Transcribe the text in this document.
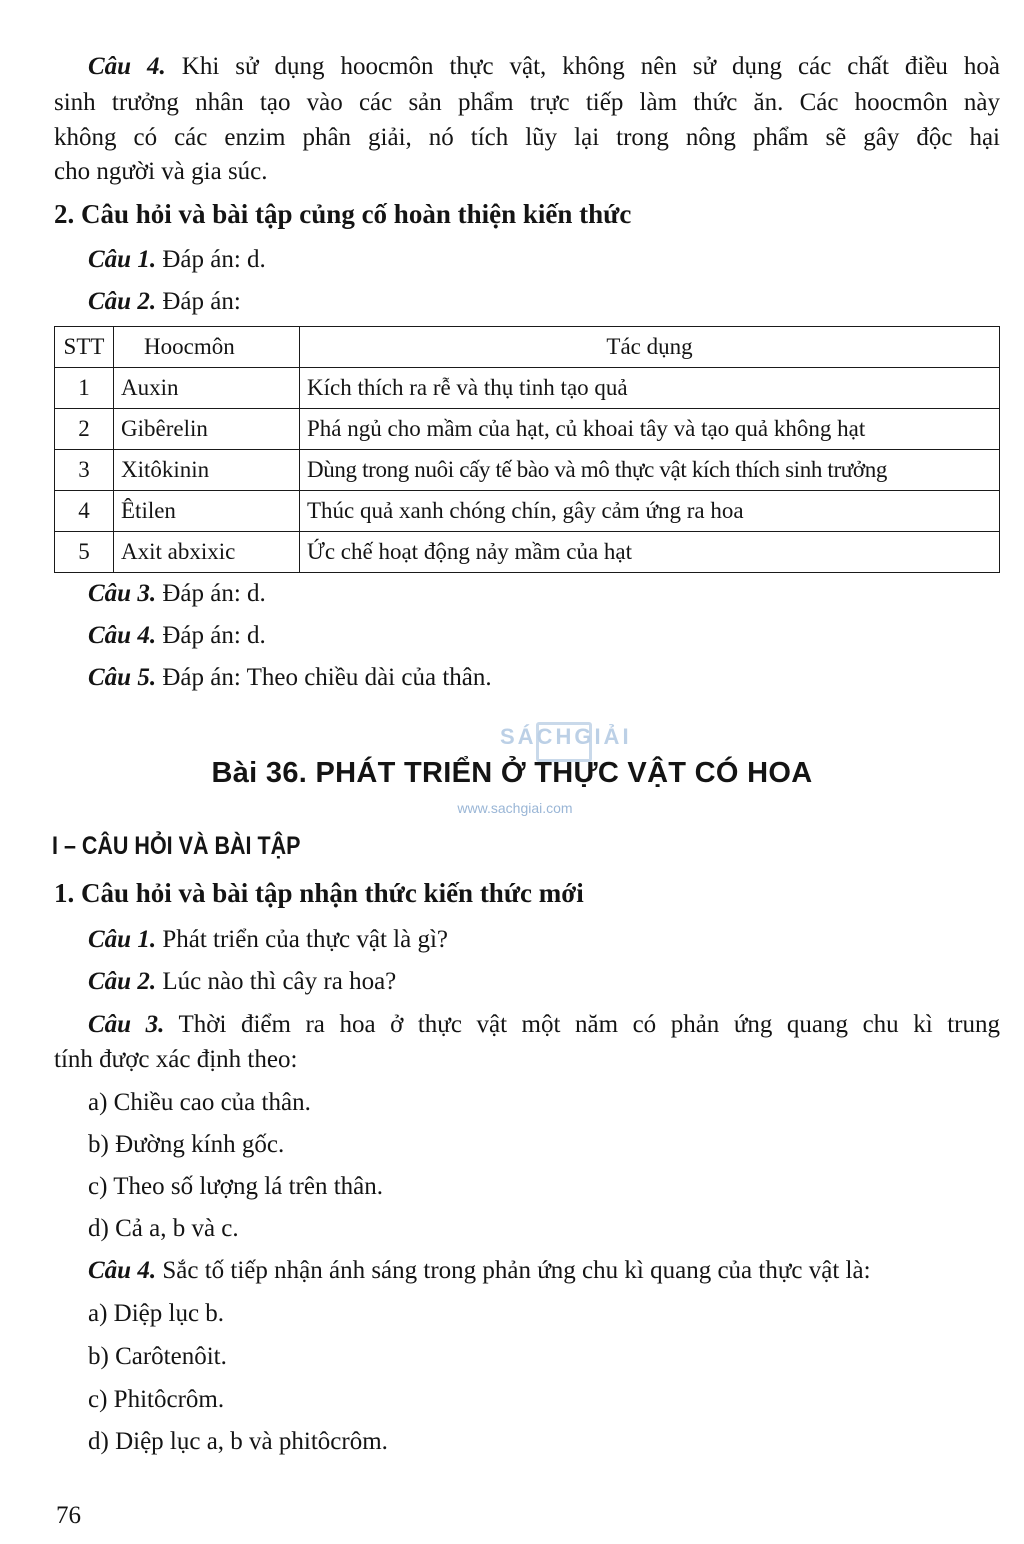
Câu 4. Khi sử dụng hoocmôn thực vật, không nên sử dụng các chất điều hoà
sinh trưởng nhân tạo vào các sản phẩm trực tiếp làm thức ăn. Các hoocmôn này
không có các enzim phân giải, nó tích lũy lại trong nông phẩm sẽ gây độc hại
cho người và gia súc.
2. Câu hỏi và bài tập củng cố hoàn thiện kiến thức
Câu 1. Đáp án: d.
Câu 2. Đáp án:
STT	Hoocmôn	Tác dụng
1	Auxin	Kích thích ra rễ và thụ tinh tạo quả
2	Gibêrelin	Phá ngủ cho mầm của hạt, củ khoai tây và tạo quả không hạt
3	Xitôkinin	Dùng trong nuôi cấy tế bào và mô thực vật kích thích sinh trưởng
4	Êtilen	Thúc quả xanh chóng chín, gây cảm ứng ra hoa
5	Axit abxixic	Ức chế hoạt động nảy mầm của hạt
Câu 3. Đáp án: d.
Câu 4. Đáp án: d.
Câu 5. Đáp án: Theo chiều dài của thân.
SÁCHGIẢI
www.sachgiai.com
Bài 36. PHÁT TRIỂN Ở THỰC VẬT CÓ HOA
I – CÂU HỎI VÀ BÀI TẬP
1. Câu hỏi và bài tập nhận thức kiến thức mới
Câu 1. Phát triển của thực vật là gì?
Câu 2. Lúc nào thì cây ra hoa?
Câu 3. Thời điểm ra hoa ở thực vật một năm có phản ứng quang chu kì trung
tính được xác định theo:
a) Chiều cao của thân.
b) Đường kính gốc.
c) Theo số lượng lá trên thân.
d) Cả a, b và c.
Câu 4. Sắc tố tiếp nhận ánh sáng trong phản ứng chu kì quang của thực vật là:
a) Diệp lục b.
b) Carôtenôit.
c) Phitôcrôm.
d) Diệp lục a, b và phitôcrôm.
76
